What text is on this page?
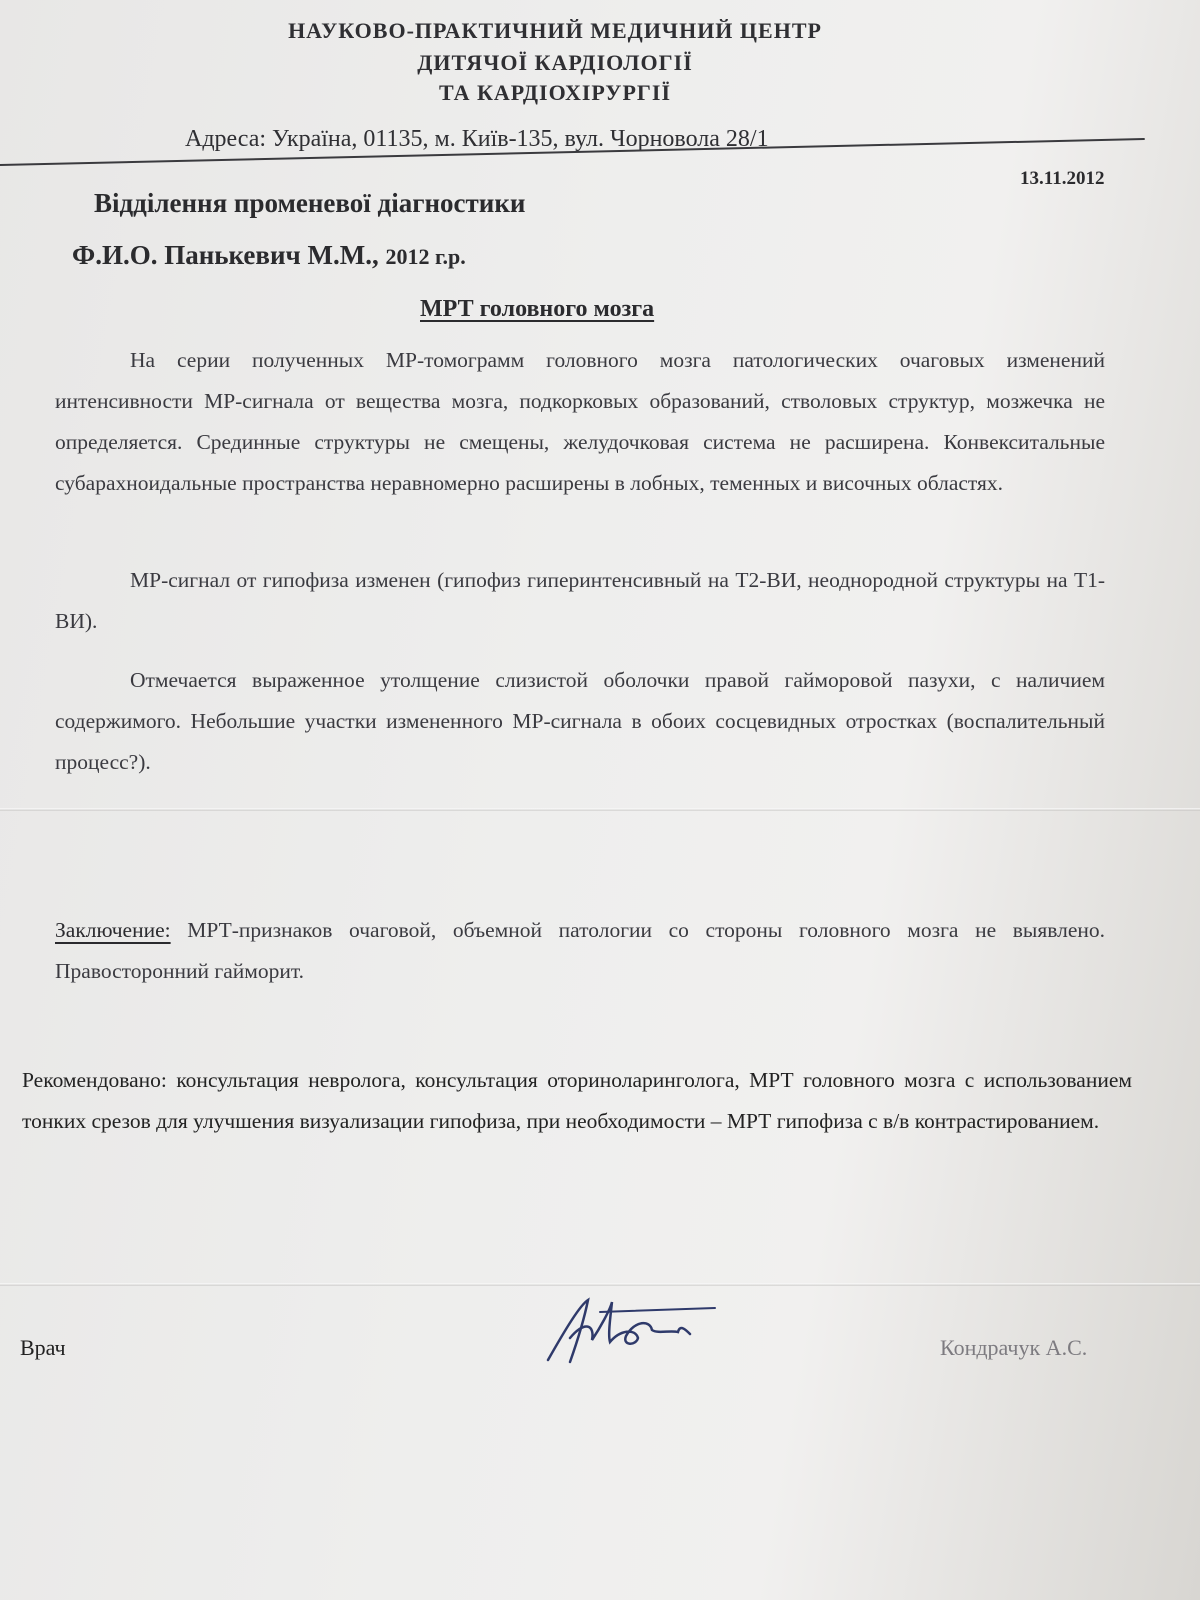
НАУКОВО-ПРАКТИЧНИЙ МЕДИЧНИЙ ЦЕНТР

ДИТЯЧОЇ КАРДІОЛОГІЇ

ТА КАРДІОХІРУРГІЇ

Адреса: Україна, 01135, м. Київ-135, вул. Чорновола 28/1

13.11.2012

Відділення променевої діагностики

Ф.И.О. Панькевич М.М., 2012 г.р.

МРТ головного мозга

На серии полученных МР-томограмм головного мозга патологических очаговых изменений интенсивности МР-сигнала от вещества мозга, подкорковых образований, стволовых структур, мозжечка не определяется. Срединные структуры не смещены, желудочковая система не расширена. Конвекситальные субарахноидальные пространства неравномерно расширены в лобных, теменных и височных областях.

МР-сигнал от гипофиза изменен (гипофиз гиперинтенсивный на Т2-ВИ, неоднородной структуры на Т1-ВИ).

Отмечается выраженное утолщение слизистой оболочки правой гайморовой пазухи, с наличием содержимого. Небольшие участки измененного МР-сигнала в обоих сосцевидных отростках (воспалительный процесс?).

Заключение: МРТ-признаков очаговой, объемной патологии со стороны головного мозга не выявлено. Правосторонний гайморит.

Рекомендовано: консультация невролога, консультация оториноларинголога, МРТ головного мозга с использованием тонких срезов для улучшения визуализации гипофиза, при необходимости – МРТ гипофиза с в/в контрастированием.

Врач	Кондрачук А.С.
